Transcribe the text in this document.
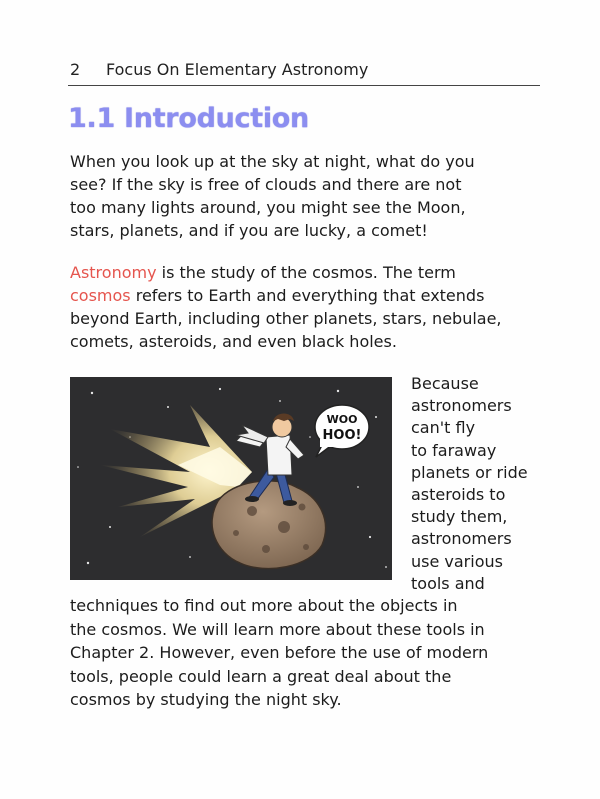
2 Focus On Elementary Astronomy
1.1 Introduction
When you look up at the sky at night, what do you
see? If the sky is free of clouds and there are not
too many lights around, you might see the Moon,
stars, planets, and if you are lucky, a comet!
Astronomy is the study of the cosmos. The term
cosmos refers to Earth and everything that extends
beyond Earth, including other planets, stars, nebulae,
comets, asteroids, and even black holes.
WOO
HOO!
Because
astronomers
can't fly
to faraway
planets or ride
asteroids to
study them,
astronomers
use various
tools and
techniques to find out more about the objects in
the cosmos. We will learn more about these tools in
Chapter 2. However, even before the use of modern
tools, people could learn a great deal about the
cosmos by studying the night sky.
